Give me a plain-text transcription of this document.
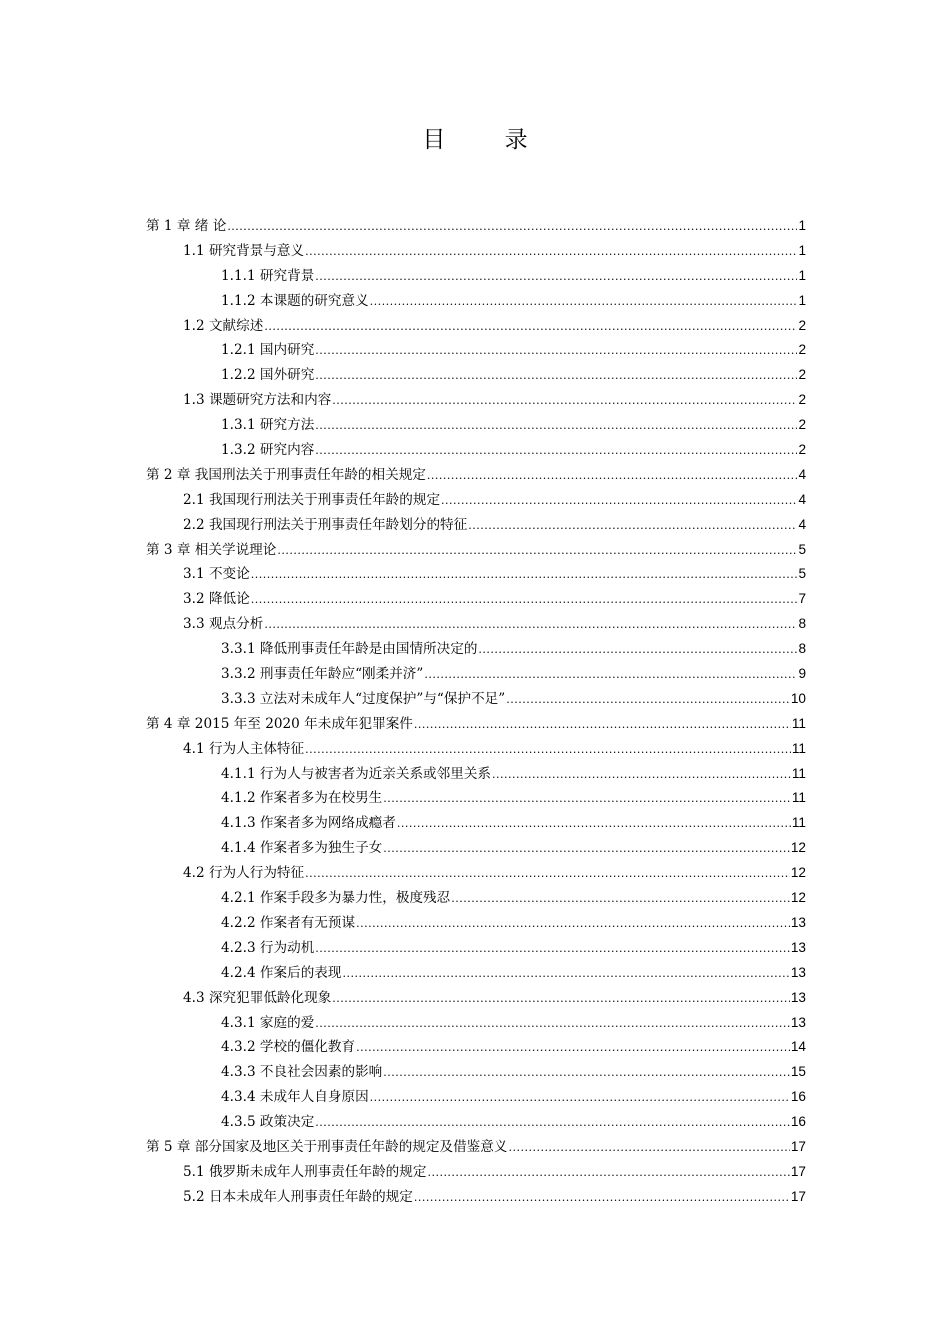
目 录
第 1 章 绪 论 .....	1
1.1 研究背景与意义 .....	1
1.1.1 研究背景 .....	1
1.1.2 本课题的研究意义 .....	1
1.2 文献综述 .....	2
1.2.1 国内研究 .....	2
1.2.2 国外研究 .....	2
1.3 课题研究方法和内容 .....	2
1.3.1 研究方法 .....	2
1.3.2 研究内容 .....	2
第 2 章 我国刑法关于刑事责任年龄的相关规定 .....	4
2.1 我国现行刑法关于刑事责任年龄的规定 .....	4
2.2 我国现行刑法关于刑事责任年龄划分的特征 .....	4
第 3 章 相关学说理论 .....	5
3.1 不变论 .....	5
3.2 降低论 .....	7
3.3 观点分析 .....	8
3.3.1 降低刑事责任年龄是由国情所决定的 .....	8
3.3.2 刑事责任年龄应“刚柔并济” .....	9
3.3.3 立法对未成年人“过度保护”与“保护不足” .....	10
第 4 章 2015 年至 2020 年未成年犯罪案件 .....	11
4.1 行为人主体特征 .....	11
4.1.1 行为人与被害者为近亲关系或邻里关系 .....	11
4.1.2 作案者多为在校男生 .....	11
4.1.3 作案者多为网络成瘾者 .....	11
4.1.4 作案者多为独生子女 .....	12
4.2 行为人行为特征 .....	12
4.2.1 作案手段多为暴力性，极度残忍 .....	12
4.2.2 作案者有无预谋 .....	13
4.2.3 行为动机 .....	13
4.2.4 作案后的表现 .....	13
4.3 深究犯罪低龄化现象 .....	13
4.3.1 家庭的爱 .....	13
4.3.2 学校的僵化教育 .....	14
4.3.3 不良社会因素的影响 .....	15
4.3.4 未成年人自身原因 .....	16
4.3.5 政策决定 .....	16
第 5 章 部分国家及地区关于刑事责任年龄的规定及借鉴意义 .....	17
5.1 俄罗斯未成年人刑事责任年龄的规定 .....	17
5.2 日本未成年人刑事责任年龄的规定 .....	17
